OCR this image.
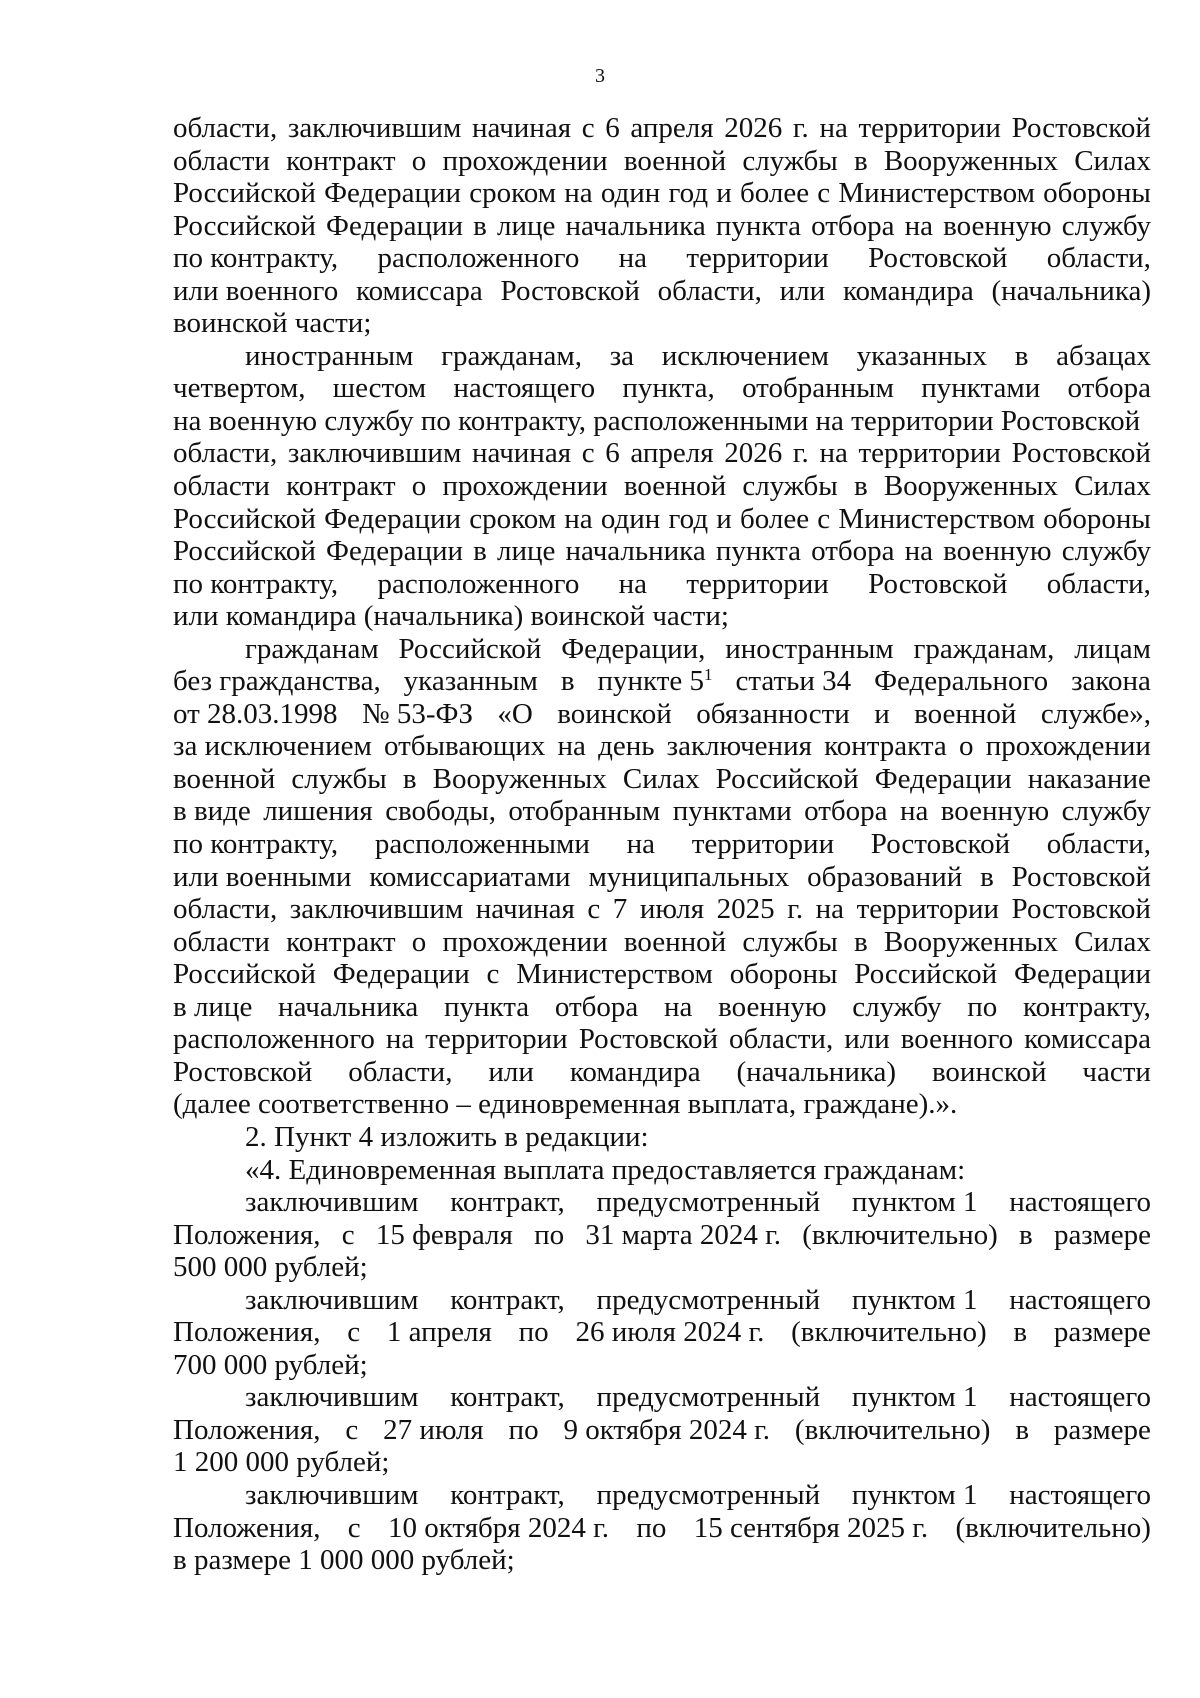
3
области, заключившим начиная с 6 апреля 2026 г. на территории Ростовской
области контракт о прохождении военной службы в Вооруженных Силах
Российской Федерации сроком на один год и более с Министерством обороны
Российской Федерации в лице начальника пункта отбора на военную службу
по контракту, расположенного на территории Ростовской области,
или военного комиссара Ростовской области, или командира (начальника)
воинской части;
иностранным гражданам, за исключением указанных в абзацах
четвертом, шестом настоящего пункта, отобранным пунктами отбора
на военную службу по контракту, расположенными на территории Ростовской
области, заключившим начиная с 6 апреля 2026 г. на территории Ростовской
области контракт о прохождении военной службы в Вооруженных Силах
Российской Федерации сроком на один год и более с Министерством обороны
Российской Федерации в лице начальника пункта отбора на военную службу
по контракту, расположенного на территории Ростовской области,
или командира (начальника) воинской части;
гражданам Российской Федерации, иностранным гражданам, лицам
без гражданства, указанным в пункте $5^1$ статьи 34 Федерального закона
от 28.03.1998 № 53-ФЗ «О воинской обязанности и военной службе»,
за исключением отбывающих на день заключения контракта о прохождении
военной службы в Вооруженных Силах Российской Федерации наказание
в виде лишения свободы, отобранным пунктами отбора на военную службу
по контракту, расположенными на территории Ростовской области,
или военными комиссариатами муниципальных образований в Ростовской
области, заключившим начиная с 7 июля 2025 г. на территории Ростовской
области контракт о прохождении военной службы в Вооруженных Силах
Российской Федерации с Министерством обороны Российской Федерации
в лице начальника пункта отбора на военную службу по контракту,
расположенного на территории Ростовской области, или военного комиссара
Ростовской области, или командира (начальника) воинской части
(далее соответственно – единовременная выплата, граждане).».
2. Пункт 4 изложить в редакции:
«4. Единовременная выплата предоставляется гражданам:
заключившим контракт, предусмотренный пунктом 1 настоящего
Положения, с 15 февраля по 31 марта 2024 г. (включительно) в размере
500 000 рублей;
заключившим контракт, предусмотренный пунктом 1 настоящего
Положения, с 1 апреля по 26 июля 2024 г. (включительно) в размере
700 000 рублей;
заключившим контракт, предусмотренный пунктом 1 настоящего
Положения, с 27 июля по 9 октября 2024 г. (включительно) в размере
1 200 000 рублей;
заключившим контракт, предусмотренный пунктом 1 настоящего
Положения, с 10 октября 2024 г. по 15 сентября 2025 г. (включительно)
в размере 1 000 000 рублей;
